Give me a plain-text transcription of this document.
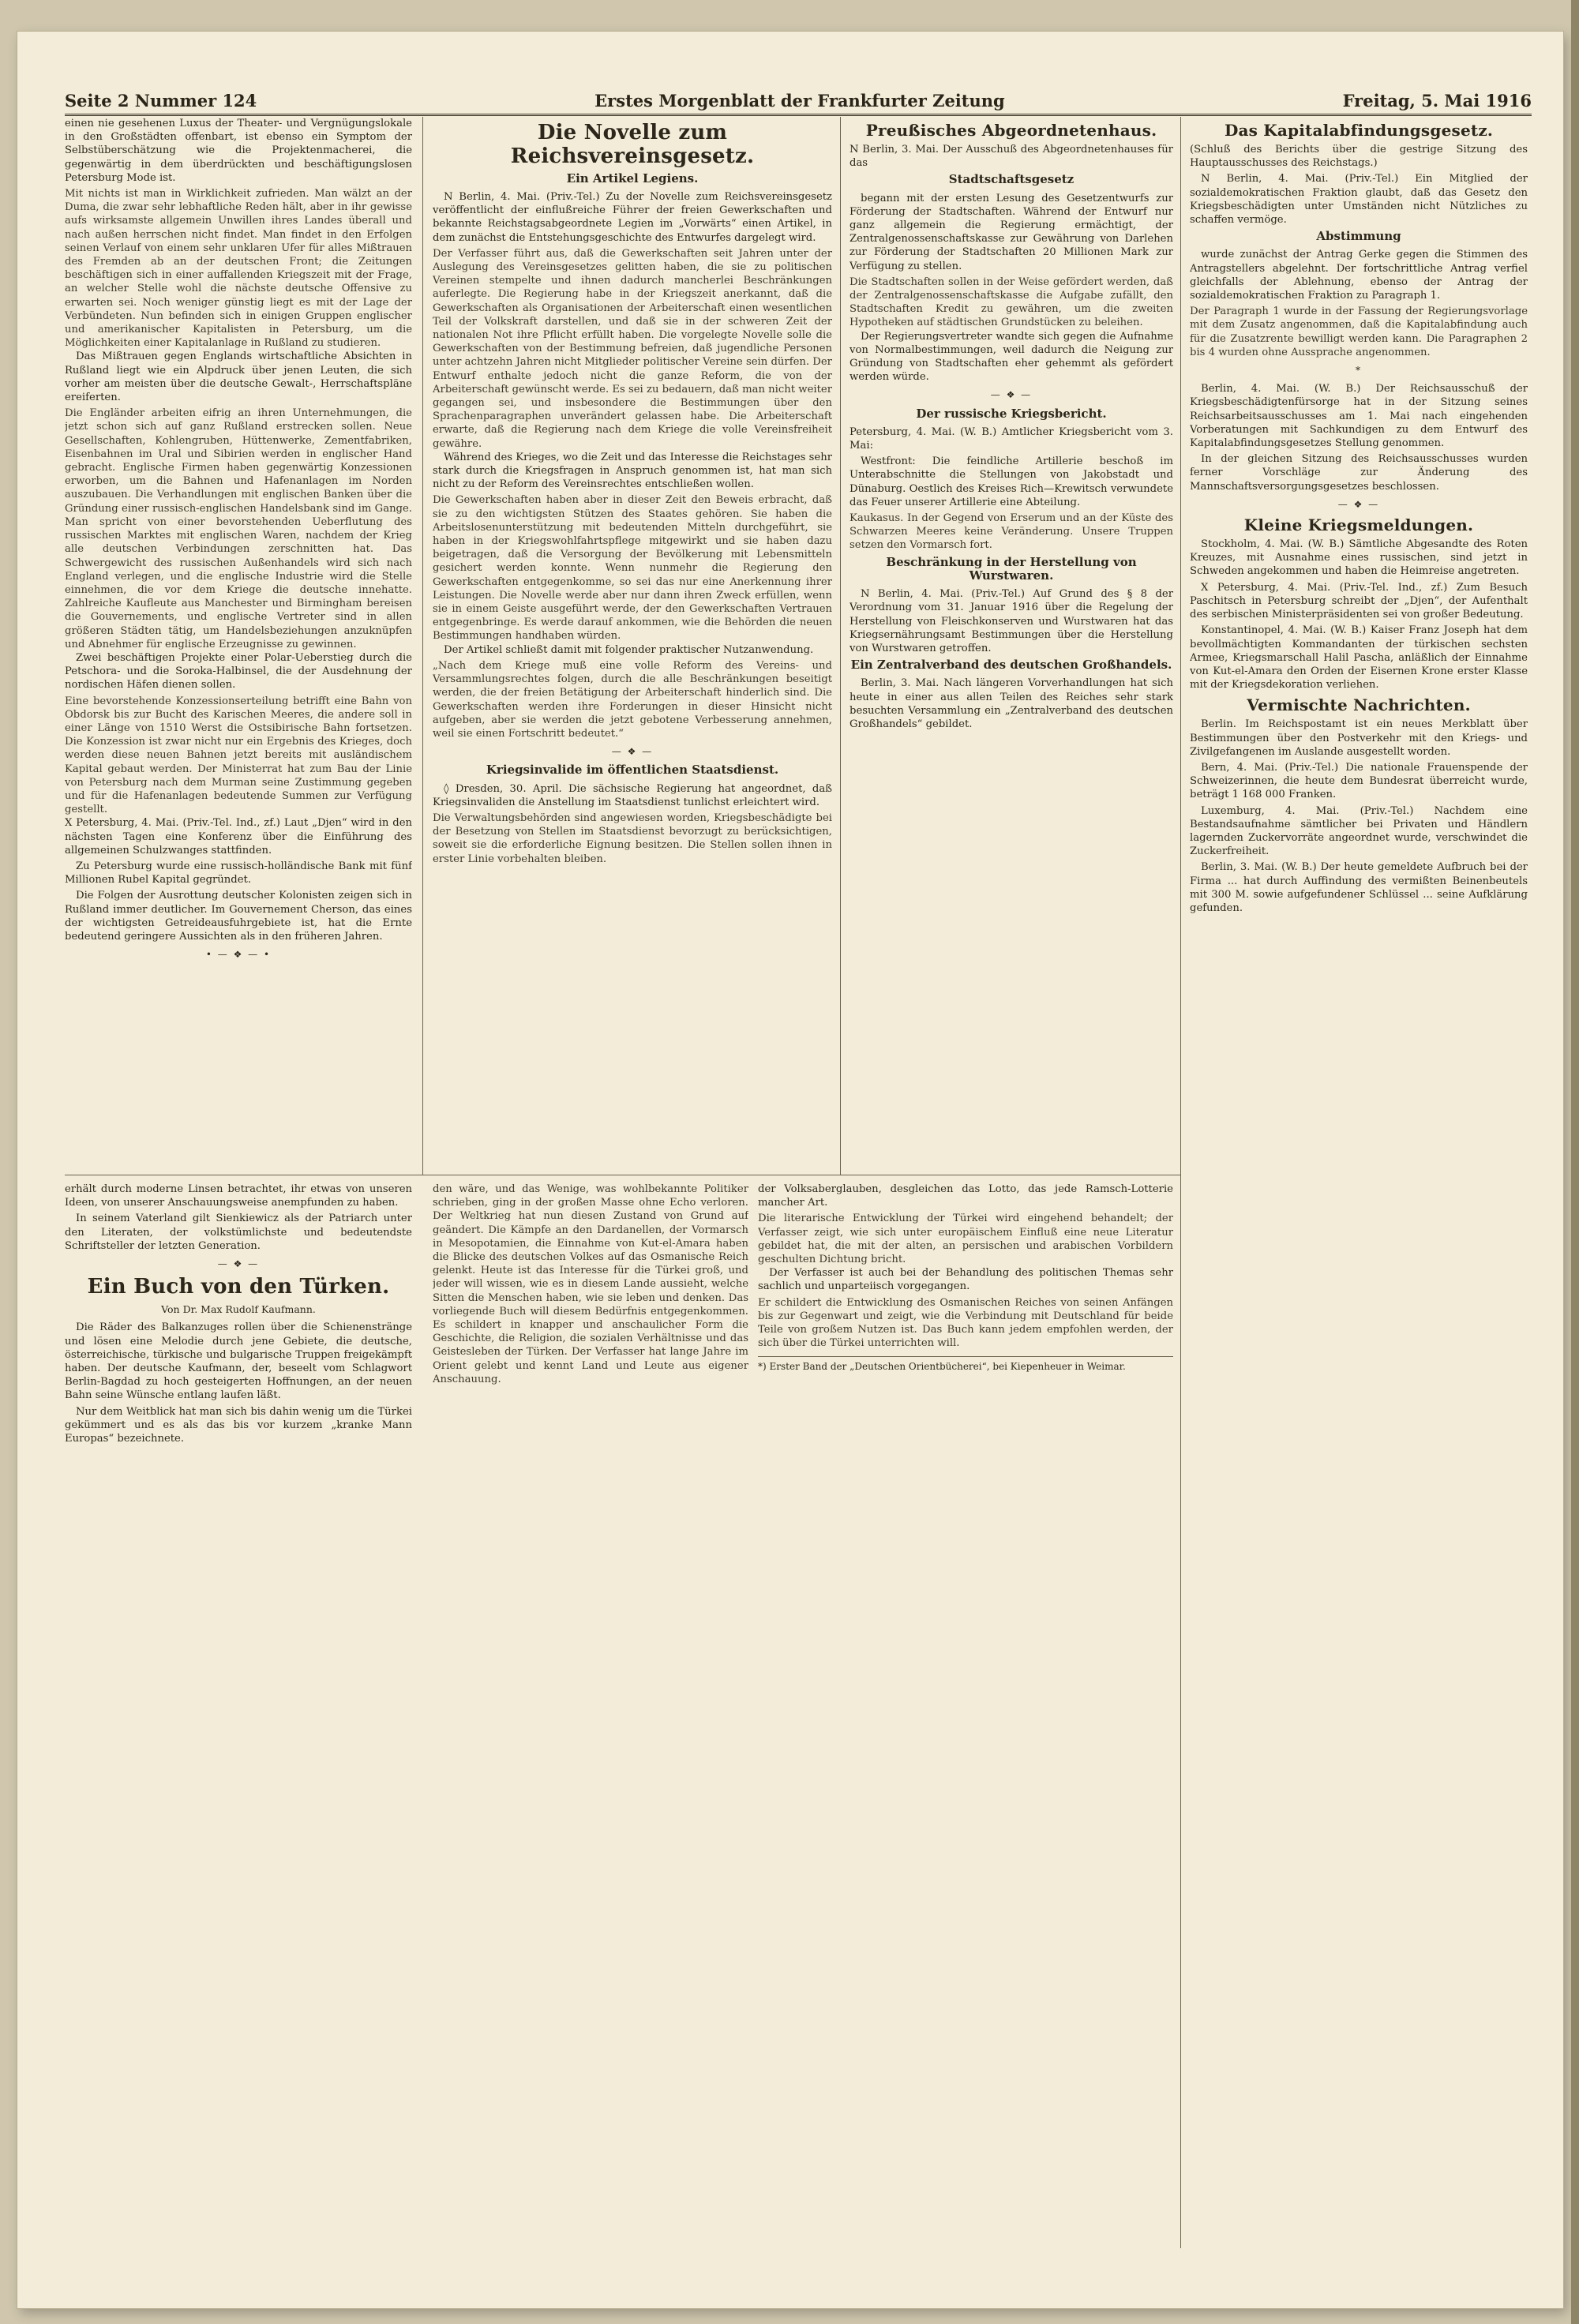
Seite 2 Nummer 124	Erstes Morgenblatt der Frankfurter Zeitung	Freitag, 5. Mai 1916

einen nie gesehenen Luxus der Theater- und Vergnügungslokale in den Großstädten offenbart, ist ebenso ein Symptom der Selbstüberschätzung wie die Projektenmacherei, die gegenwärtig in dem überdrückten und beschäftigungslosen Petersburg Mode ist.

Mit nichts ist man in Wirklichkeit zufrieden. Man wälzt an der Duma, die zwar sehr lebhaftliche Reden hält, aber in ihr gewisse aufs wirksamste allgemein Unwillen ihres Landes überall und nach außen herrschen nicht findet. Man findet in den Erfolgen seinen Verlauf von einem sehr unklaren Ufer für alles Mißtrauen des Fremden ab an der deutschen Front; die Zeitungen beschäftigen sich in einer auffallenden Kriegszeit mit der Frage, an welcher Stelle wohl die nächste deutsche Offensive zu erwarten sei. Noch weniger günstig liegt es mit der Lage der Verbündeten. Nun befinden sich in einigen Gruppen englischer und amerikanischer Kapitalisten in Petersburg, um die Möglichkeiten einer Kapitalanlage in Rußland zu studieren.

Das Mißtrauen gegen Englands wirtschaftliche Absichten in Rußland liegt wie ein Alpdruck über jenen Leuten, die sich vorher am meisten über die deutsche Gewalt-, Herrschaftspläne ereiferten.

Die Engländer arbeiten eifrig an ihren Unternehmungen, die jetzt schon sich auf ganz Rußland erstrecken sollen. Neue Gesellschaften, Kohlengruben, Hüttenwerke, Zementfabriken, Eisenbahnen im Ural und Sibirien werden in englischer Hand gebracht. Englische Firmen haben gegenwärtig Konzessionen erworben, um die Bahnen und Hafenanlagen im Norden auszubauen. Die Verhandlungen mit englischen Banken über die Gründung einer russisch-englischen Handelsbank sind im Gange. Man spricht von einer bevorstehenden Ueberflutung des russischen Marktes mit englischen Waren, nachdem der Krieg alle deutschen Verbindungen zerschnitten hat. Das Schwergewicht des russischen Außenhandels wird sich nach England verlegen, und die englische Industrie wird die Stelle einnehmen, die vor dem Kriege die deutsche innehatte. Zahlreiche Kaufleute aus Manchester und Birmingham bereisen die Gouvernements, und englische Vertreter sind in allen größeren Städten tätig, um Handelsbeziehungen anzuknüpfen und Abnehmer für englische Erzeugnisse zu gewinnen.

Zwei beschäftigen Projekte einer Polar-Ueberstieg durch die Petschora- und die Soroka-Halbinsel, die der Ausdehnung der nordischen Häfen dienen sollen.

Eine bevorstehende Konzessionserteilung betrifft eine Bahn von Obdorsk bis zur Bucht des Karischen Meeres, die andere soll in einer Länge von 1510 Werst die Ostsibirische Bahn fortsetzen. Die Konzession ist zwar nicht nur ein Ergebnis des Krieges, doch werden diese neuen Bahnen jetzt bereits mit ausländischem Kapital gebaut werden. Der Ministerrat hat zum Bau der Linie von Petersburg nach dem Murman seine Zustimmung gegeben und für die Hafenanlagen bedeutende Summen zur Verfügung gestellt.

X Petersburg, 4. Mai. (Priv.-Tel. Ind., zf.) Laut „Djen“ wird in den nächsten Tagen eine Konferenz über die Einführung des allgemeinen Schulzwanges stattfinden.

Zu Petersburg wurde eine russisch-holländische Bank mit fünf Millionen Rubel Kapital gegründet.

Die Folgen der Ausrottung deutscher Kolonisten zeigen sich in Rußland immer deutlicher. Im Gouvernement Cherson, das eines der wichtigsten Getreideausfuhrgebiete ist, hat die Ernte bedeutend geringere Aussichten als in den früheren Jahren.

• — ❖ — •
Die Novelle zum Reichsvereinsgesetz.
Ein Artikel Legiens.

N Berlin, 4. Mai. (Priv.-Tel.) Zu der Novelle zum Reichsvereinsgesetz veröffentlicht der einflußreiche Führer der freien Gewerkschaften und bekannte Reichstagsabgeordnete Legien im „Vorwärts“ einen Artikel, in dem zunächst die Entstehungsgeschichte des Entwurfes dargelegt wird.

Der Verfasser führt aus, daß die Gewerkschaften seit Jahren unter der Auslegung des Vereinsgesetzes gelitten haben, die sie zu politischen Vereinen stempelte und ihnen dadurch mancherlei Beschränkungen auferlegte. Die Regierung habe in der Kriegszeit anerkannt, daß die Gewerkschaften als Organisationen der Arbeiterschaft einen wesentlichen Teil der Volkskraft darstellen, und daß sie in der schweren Zeit der nationalen Not ihre Pflicht erfüllt haben. Die vorgelegte Novelle solle die Gewerkschaften von der Bestimmung befreien, daß jugendliche Personen unter achtzehn Jahren nicht Mitglieder politischer Vereine sein dürfen. Der Entwurf enthalte jedoch nicht die ganze Reform, die von der Arbeiterschaft gewünscht werde. Es sei zu bedauern, daß man nicht weiter gegangen sei, und insbesondere die Bestimmungen über den Sprachenparagraphen unverändert gelassen habe. Die Arbeiterschaft erwarte, daß die Regierung nach dem Kriege die volle Vereinsfreiheit gewähre.

Während des Krieges, wo die Zeit und das Interesse die Reichstages sehr stark durch die Kriegsfragen in Anspruch genommen ist, hat man sich nicht zu der Reform des Vereinsrechtes entschließen wollen.

Die Gewerkschaften haben aber in dieser Zeit den Beweis erbracht, daß sie zu den wichtigsten Stützen des Staates gehören. Sie haben die Arbeitslosenunterstützung mit bedeutenden Mitteln durchgeführt, sie haben in der Kriegswohlfahrtspflege mitgewirkt und sie haben dazu beigetragen, daß die Versorgung der Bevölkerung mit Lebensmitteln gesichert werden konnte. Wenn nunmehr die Regierung den Gewerkschaften entgegenkomme, so sei das nur eine Anerkennung ihrer Leistungen. Die Novelle werde aber nur dann ihren Zweck erfüllen, wenn sie in einem Geiste ausgeführt werde, der den Gewerkschaften Vertrauen entgegenbringe. Es werde darauf ankommen, wie die Behörden die neuen Bestimmungen handhaben würden.

Der Artikel schließt damit mit folgender praktischer Nutzanwendung.

„Nach dem Kriege muß eine volle Reform des Vereins- und Versammlungsrechtes folgen, durch die alle Beschränkungen beseitigt werden, die der freien Betätigung der Arbeiterschaft hinderlich sind. Die Gewerkschaften werden ihre Forderungen in dieser Hinsicht nicht aufgeben, aber sie werden die jetzt gebotene Verbesserung annehmen, weil sie einen Fortschritt bedeutet.“
— ❖ —
Kriegsinvalide im öffentlichen Staatsdienst.

◊ Dresden, 30. April. Die sächsische Regierung hat angeordnet, daß Kriegsinvaliden die Anstellung im Staatsdienst tunlichst erleichtert wird.

Die Verwaltungsbehörden sind angewiesen worden, Kriegsbeschädigte bei der Besetzung von Stellen im Staatsdienst bevorzugt zu berücksichtigen, soweit sie die erforderliche Eignung besitzen. Die Stellen sollen ihnen in erster Linie vorbehalten bleiben.
Preußisches Abgeordnetenhaus.

N Berlin, 3. Mai. Der Ausschuß des Abgeordnetenhauses für das

Stadtschaftsgesetz

begann mit der ersten Lesung des Gesetzentwurfs zur Förderung der Stadtschaften. Während der Entwurf nur ganz allgemein die Regierung ermächtigt, der Zentralgenossenschaftskasse zur Gewährung von Darlehen zur Förderung der Stadtschaften 20 Millionen Mark zur Verfügung zu stellen.

Die Stadtschaften sollen in der Weise gefördert werden, daß der Zentralgenossenschaftskasse die Aufgabe zufällt, den Stadtschaften Kredit zu gewähren, um die zweiten Hypotheken auf städtischen Grundstücken zu beleihen.

Der Regierungsvertreter wandte sich gegen die Aufnahme von Normalbestimmungen, weil dadurch die Neigung zur Gründung von Stadtschaften eher gehemmt als gefördert werden würde.

— ❖ —
Der russische Kriegsbericht.

Petersburg, 4. Mai. (W. B.) Amtlicher Kriegsbericht vom 3. Mai:

Westfront: Die feindliche Artillerie beschoß im Unterabschnitte die Stellungen von Jakobstadt und Dünaburg. Oestlich des Kreises Rich—Krewitsch verwundete das Feuer unserer Artillerie eine Abteilung.

Kaukasus. In der Gegend von Erserum und an der Küste des Schwarzen Meeres keine Veränderung. Unsere Truppen setzen den Vormarsch fort.
Beschränkung in der Herstellung von Wurstwaren.

N Berlin, 4. Mai. (Priv.-Tel.) Auf Grund des § 8 der Verordnung vom 31. Januar 1916 über die Regelung der Herstellung von Fleischkonserven und Wurstwaren hat das Kriegsernährungsamt Bestimmungen über die Herstellung von Wurstwaren getroffen.

Ein Zentralverband des deutschen Großhandels.

Berlin, 3. Mai. Nach längeren Vorverhandlungen hat sich heute in einer aus allen Teilen des Reiches sehr stark besuchten Versammlung ein „Zentralverband des deutschen Großhandels“ gebildet.

Das Kapitalabfindungsgesetz.

(Schluß des Berichts über die gestrige Sitzung des Hauptausschusses des Reichstags.)

N Berlin, 4. Mai. (Priv.-Tel.) Ein Mitglied der sozialdemokratischen Fraktion glaubt, daß das Gesetz den Kriegsbeschädigten unter Umständen nicht Nützliches zu schaffen vermöge.

Abstimmung

wurde zunächst der Antrag Gerke gegen die Stimmen des Antragstellers abgelehnt. Der fortschrittliche Antrag verfiel gleichfalls der Ablehnung, ebenso der Antrag der sozialdemokratischen Fraktion zu Paragraph 1.

Der Paragraph 1 wurde in der Fassung der Regierungsvorlage mit dem Zusatz angenommen, daß die Kapitalabfindung auch für die Zusatzrente bewilligt werden kann. Die Paragraphen 2 bis 4 wurden ohne Aussprache angenommen.
*

Berlin, 4. Mai. (W. B.) Der Reichsausschuß der Kriegsbeschädigtenfürsorge hat in der Sitzung seines Reichsarbeitsausschusses am 1. Mai nach eingehenden Vorberatungen mit Sachkundigen zu dem Entwurf des Kapitalabfindungsgesetzes Stellung genommen.

In der gleichen Sitzung des Reichsausschusses wurden ferner Vorschläge zur Änderung des Mannschaftsversorgungsgesetzes beschlossen.

— ❖ —
Kleine Kriegsmeldungen.

Stockholm, 4. Mai. (W. B.) Sämtliche Abgesandte des Roten Kreuzes, mit Ausnahme eines russischen, sind jetzt in Schweden angekommen und haben die Heimreise angetreten.

X Petersburg, 4. Mai. (Priv.-Tel. Ind., zf.) Zum Besuch Paschitsch in Petersburg schreibt der „Djen“, der Aufenthalt des serbischen Ministerpräsidenten sei von großer Bedeutung.

Konstantinopel, 4. Mai. (W. B.) Kaiser Franz Joseph hat dem bevollmächtigten Kommandanten der türkischen sechsten Armee, Kriegsmarschall Halil Pascha, anläßlich der Einnahme von Kut-el-Amara den Orden der Eisernen Krone erster Klasse mit der Kriegsdekoration verliehen.

Vermischte Nachrichten.

Berlin. Im Reichspostamt ist ein neues Merkblatt über Bestimmungen über den Postverkehr mit den Kriegs- und Zivilgefangenen im Auslande ausgestellt worden.

Bern, 4. Mai. (Priv.-Tel.) Die nationale Frauenspende der Schweizerinnen, die heute dem Bundesrat überreicht wurde, beträgt 1 168 000 Franken.

Luxemburg, 4. Mai. (Priv.-Tel.) Nachdem eine Bestandsaufnahme sämtlicher bei Privaten und Händlern lagernden Zuckervorräte angeordnet wurde, verschwindet die Zuckerfreiheit.

Berlin, 3. Mai. (W. B.) Der heute gemeldete Aufbruch bei der Firma ... hat durch Auffindung des vermißten Beinenbeutels mit 300 M. sowie aufgefundener Schlüssel ... seine Aufklärung gefunden.

erhält durch moderne Linsen betrachtet, ihr etwas von unseren Ideen, von unserer Anschauungsweise anempfunden zu haben.

In seinem Vaterland gilt Sienkiewicz als der Patriarch unter den Literaten, der volkstümlichste und bedeutendste Schriftsteller der letzten Generation.

— ❖ —
Ein Buch von den Türken.
Von Dr. Max Rudolf Kaufmann.

Die Räder des Balkanzuges rollen über die Schienenstränge und lösen eine Melodie durch jene Gebiete, die deutsche, österreichische, türkische und bulgarische Truppen freigekämpft haben. Der deutsche Kaufmann, der, beseelt vom Schlagwort Berlin-Bagdad zu hoch gesteigerten Hoffnungen, an der neuen Bahn seine Wünsche entlang laufen läßt.

Nur dem Weitblick hat man sich bis dahin wenig um die Türkei gekümmert und es als das bis vor kurzem „kranke Mann Europas“ bezeichnete.

den wäre, und das Wenige, was wohlbekannte Politiker schrieben, ging in der großen Masse ohne Echo verloren. Der Weltkrieg hat nun diesen Zustand von Grund auf geändert. Die Kämpfe an den Dardanellen, der Vormarsch in Mesopotamien, die Einnahme von Kut-el-Amara haben die Blicke des deutschen Volkes auf das Osmanische Reich gelenkt. Heute ist das Interesse für die Türkei groß, und jeder will wissen, wie es in diesem Lande aussieht, welche Sitten die Menschen haben, wie sie leben und denken. Das vorliegende Buch will diesem Bedürfnis entgegenkommen. Es schildert in knapper und anschaulicher Form die Geschichte, die Religion, die sozialen Verhältnisse und das Geistesleben der Türken. Der Verfasser hat lange Jahre im Orient gelebt und kennt Land und Leute aus eigener Anschauung.

der Volksaberglauben, desgleichen das Lotto, das jede Ramsch-Lotterie mancher Art.

Die literarische Entwicklung der Türkei wird eingehend behandelt; der Verfasser zeigt, wie sich unter europäischem Einfluß eine neue Literatur gebildet hat, die mit der alten, an persischen und arabischen Vorbildern geschulten Dichtung bricht.

Der Verfasser ist auch bei der Behandlung des politischen Themas sehr sachlich und unparteiisch vorgegangen.

Er schildert die Entwicklung des Osmanischen Reiches von seinen Anfängen bis zur Gegenwart und zeigt, wie die Verbindung mit Deutschland für beide Teile von großem Nutzen ist. Das Buch kann jedem empfohlen werden, der sich über die Türkei unterrichten will.
*) Erster Band der „Deutschen Orientbücherei“, bei Kiepenheuer in Weimar.
